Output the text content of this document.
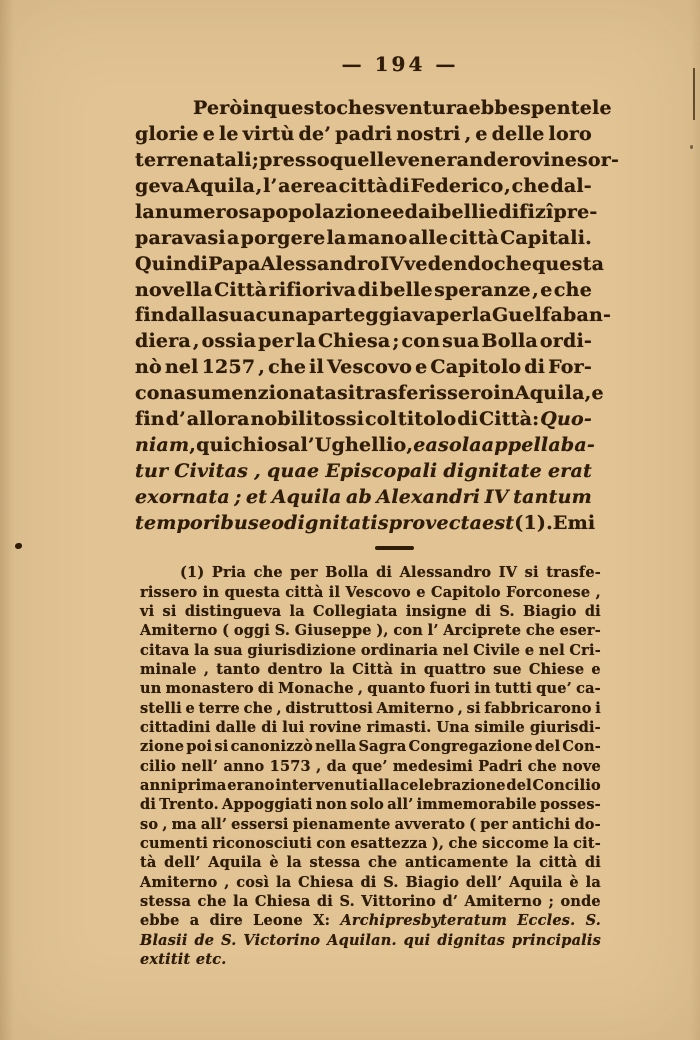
— 194 —
Però in questo che sventura ebbe spente le
glorie e le virtù de’ padri nostri , e delle loro
terre natali ; presso quelle venerande rovine sor-
geva Aquila , l’ aerea città di Federico , che dal-
la numerosa popolazione e dai belli edifizî pre-
paravasi a porgere la mano alle città Capitali.
Quindi Papa Alessandro IV vedendo che questa
novella Città rifioriva di belle speranze , e che
fin dalla sua cuna parteggiava per la Guelfa ban-
diera , ossia per la Chiesa ; con sua Bolla ordi-
nò nel 1257 , che il Vescovo e Capitolo di For-
cona su menzionata si trasferissero in Aquila , e
fin d’ allora nobilitossi col titolo di Città: Quo-
niam , qui chiosa l’ Ughellio , ea sola appellaba-
tur Civitas , quae Episcopali dignitate erat
exornata ; et Aquila ab Alexandri IV tantum
temporibus eo dignitatis provecta est (1). E mi
(1) Pria che per Bolla di Alessandro IV si trasfe-
rissero in questa città il Vescovo e Capitolo Forconese ,
vi si distingueva la Collegiata insigne di S. Biagio di
Amiterno ( oggi S. Giuseppe ), con l’ Arciprete che eser-
citava la sua giurisdizione ordinaria nel Civile e nel Cri-
minale , tanto dentro la Città in quattro sue Chiese e
un monastero di Monache , quanto fuori in tutti que’ ca-
stelli e terre che , distruttosi Amiterno , si fabbricarono i
cittadini dalle di lui rovine rimasti. Una simile giurisdi-
zione poi si canonizzò nella Sagra Congregazione del Con-
cilio nell’ anno 1573 , da que’ medesimi Padri che nove
anni prima erano intervenuti alla celebrazione del Concilio
di Trento. Appoggiati non solo all’ immemorabile posses-
so , ma all’ essersi pienamente avverato ( per antichi do-
cumenti riconosciuti con esattezza ), che siccome la cit-
tà dell’ Aquila è la stessa che anticamente la città di
Amiterno , così la Chiesa di S. Biagio dell’ Aquila è la
stessa che la Chiesa di S. Vittorino d’ Amiterno ; onde
ebbe a dire Leone X: Archipresbyteratum Eccles. S.
Blasii de S. Victorino Aquilan. qui dignitas principalis
extitit etc.
